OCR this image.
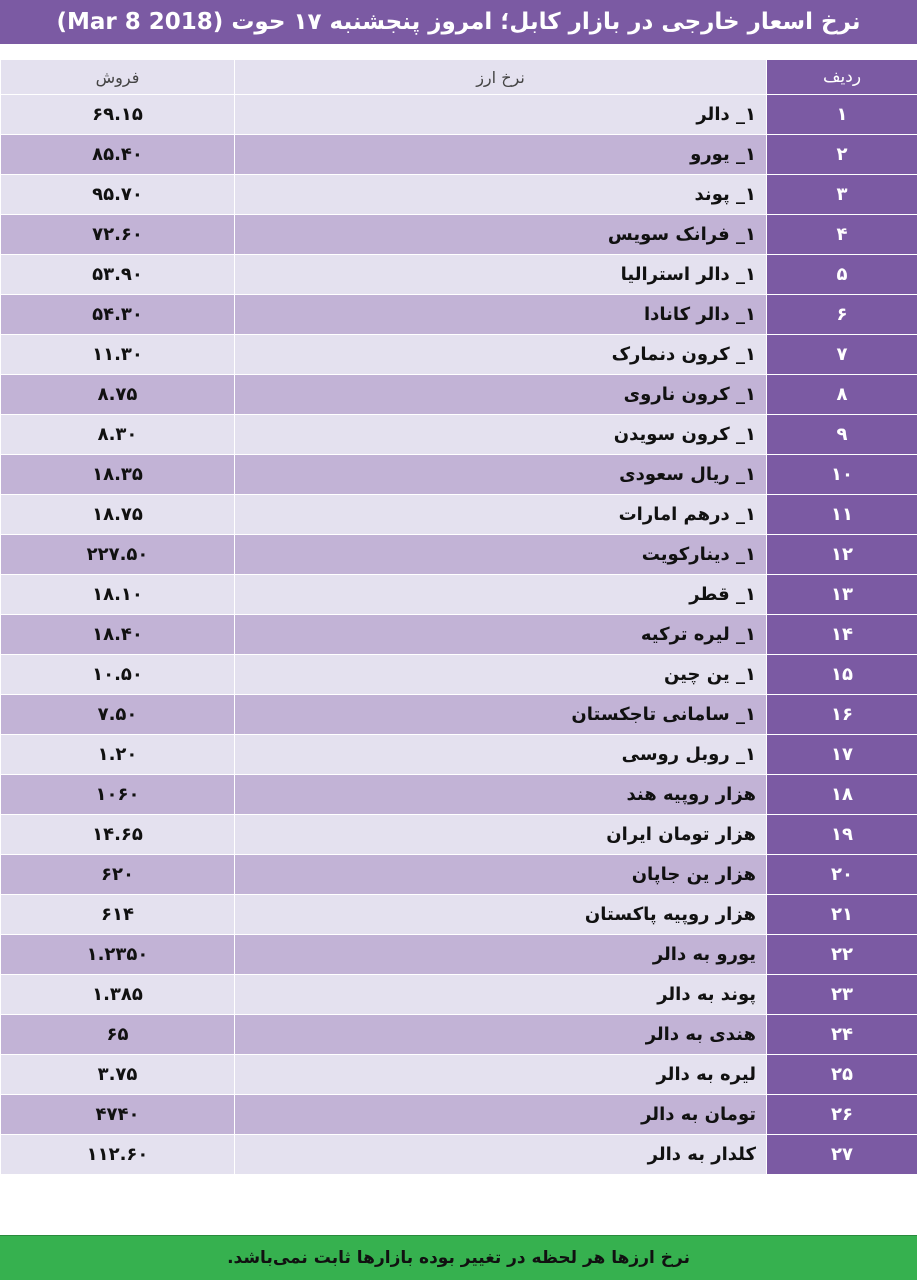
نرخ اسعار خارجی در بازار کابل؛ امروز پنجشنبه ۱۷ حوت (Mar 8 2018)
ردیف	نرخ ارز	فروش
۱	۱_ دالر	۶۹.۱۵
۲	۱_ یورو	۸۵.۴۰
۳	۱_ پوند	۹۵.۷۰
۴	۱_ فرانک سویس	۷۲.۶۰
۵	۱_ دالر استرالیا	۵۳.۹۰
۶	۱_ دالر کانادا	۵۴.۳۰
۷	۱_ کرون دنمارک	۱۱.۳۰
۸	۱_ کرون ناروی	۸.۷۵
۹	۱_ کرون سویدن	۸.۳۰
۱۰	۱_ ریال سعودی	۱۸.۳۵
۱۱	۱_ درهم امارات	۱۸.۷۵
۱۲	۱_ دینارکویت	۲۲۷.۵۰
۱۳	۱_ قطر	۱۸.۱۰
۱۴	۱_ لیره ترکیه	۱۸.۴۰
۱۵	۱_ ین چین	۱۰.۵۰
۱۶	۱_ سامانی تاجکستان	۷.۵۰
۱۷	۱_ روبل روسی	۱.۲۰
۱۸	هزار روپیه هند	۱۰۶۰
۱۹	هزار تومان ایران	۱۴.۶۵
۲۰	هزار ین جاپان	۶۲۰
۲۱	هزار روپیه پاکستان	۶۱۴
۲۲	یورو به دالر	۱.۲۳۵۰
۲۳	پوند به دالر	۱.۳۸۵
۲۴	هندی به دالر	۶۵
۲۵	لیره به دالر	۳.۷۵
۲۶	تومان به دالر	۴۷۴۰
۲۷	کلدار به دالر	۱۱۲.۶۰
نرخ ارزها هر لحظه در تغییر بوده بازارها ثابت نمی‌باشد.
